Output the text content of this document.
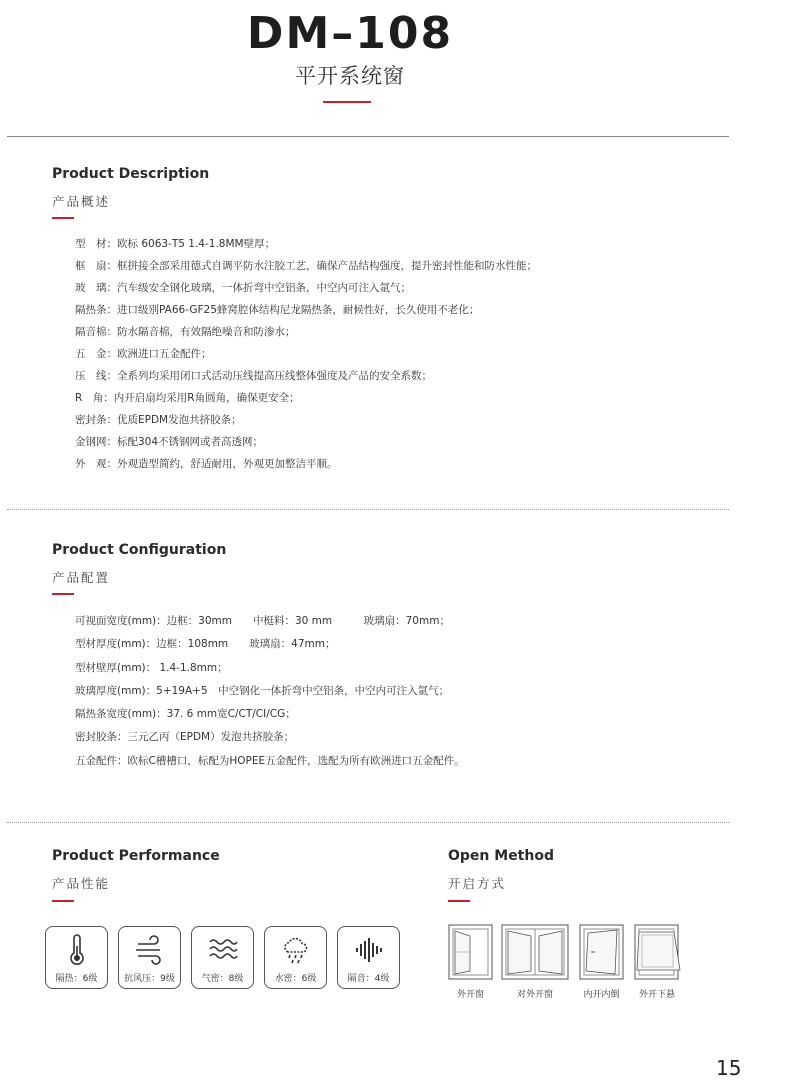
DM–108
平开系统窗
Product Description
产品概述
型　材：欧标 6063-T5 1.4-1.8MM壁厚；
框　扇：框拼接全部采用德式自调平防水注胶工艺，确保产品结构强度，提升密封性能和防水性能；
玻　璃：汽车级安全钢化玻璃，一体折弯中空铝条，中空内可注入氩气；
隔热条：进口级别PA66-GF25蜂窝腔体结构尼龙隔热条，耐候性好，长久使用不老化；
隔音棉：防水隔音棉，有效隔绝噪音和防渗水；
五　金：欧洲进口五金配件；
压　线：全系列均采用闭口式活动压线提高压线整体强度及产品的安全系数；
R　角：内开启扇均采用R角圆角，确保更安全；
密封条：优质EPDM发泡共挤胶条；
金钢网：标配304不锈钢网或者高透网；
外　观：外观造型简约，舒适耐用，外观更加整洁平顺。
Product Configuration
产品配置
可视面宽度(mm)：边框：30mm　　中梃料：30 mm　　　玻璃扇：70mm；
型材厚度(mm)：边框：108mm　　玻璃扇：47mm；
型材壁厚(mm)： 1.4-1.8mm；
玻璃厚度(mm)：5+19A+5　中空钢化一体折弯中空铝条，中空内可注入氩气；
隔热条宽度(mm)：37. 6 mm宽C/CT/CI/CG；
密封胶条：三元乙丙（EPDM）发泡共挤胶条；
五金配件：欧标C槽槽口，标配为HOPEE五金配件，选配为所有欧洲进口五金配件。
Product Performance
产品性能
隔热：6级	抗风压：9级	气密：8级	水密：6级	隔音：4级
Open Method
开启方式
外开窗	对外开窗	内开内倒	外开下悬
15
